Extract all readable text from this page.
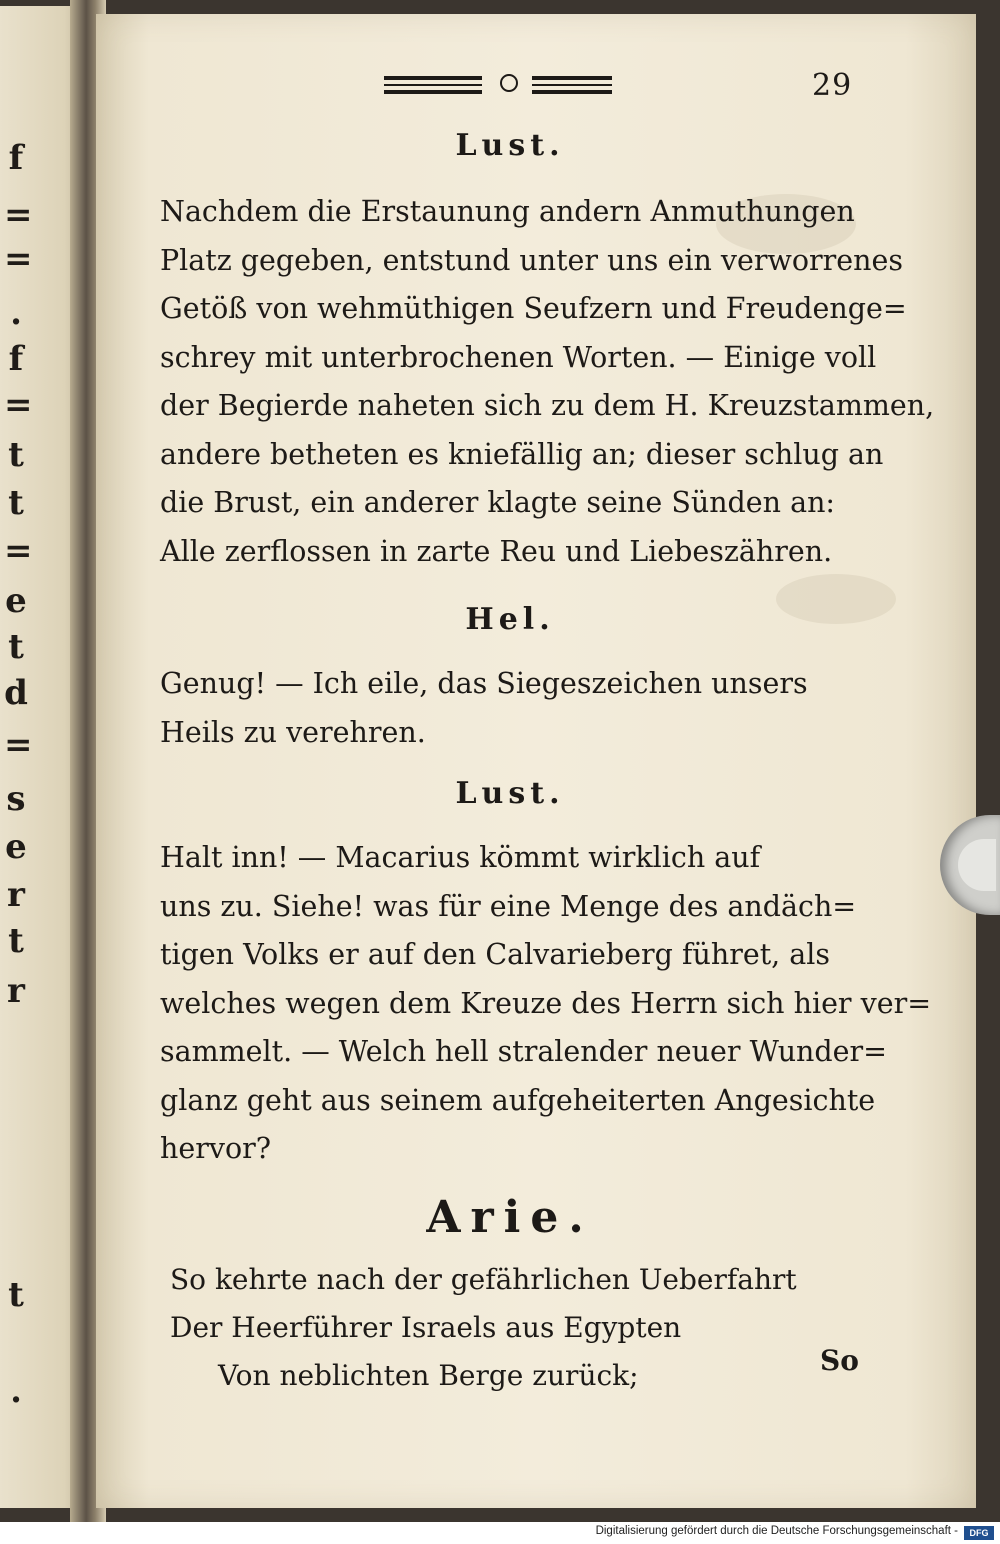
f
=
=
.
f
=
t
t
=
e
t
d
=
s
e
r
t
r
t
.
29
Lust.
Nachdem die Erstaunung andern Anmuthungen
Platz gegeben, entstund unter uns ein verworrenes
Getöß von wehmüthigen Seufzern und Freudenge=
schrey mit unterbrochenen Worten. — Einige voll
der Begierde naheten sich zu dem H. Kreuzstammen,
andere betheten es kniefällig an; dieser schlug an
die Brust, ein anderer klagte seine Sünden an:
Alle zerflossen in zarte Reu und Liebeszähren.
Hel.
Genug! — Ich eile, das Siegeszeichen unsers
Heils zu verehren.
Lust.
Halt inn! — Macarius kömmt wirklich auf
uns zu. Siehe! was für eine Menge des andäch=
tigen Volks er auf den Calvarieberg führet, als
welches wegen dem Kreuze des Herrn sich hier ver=
sammelt. — Welch hell stralender neuer Wunder=
glanz geht aus seinem aufgeheiterten Angesichte
hervor?
Arie.
So kehrte nach der gefährlichen Ueberfahrt
Der Heerführer Israels aus Egypten
Von neblichten Berge zurück;	So
Digitalisierung gefördert durch die Deutsche Forschungsgemeinschaft -	DFG
